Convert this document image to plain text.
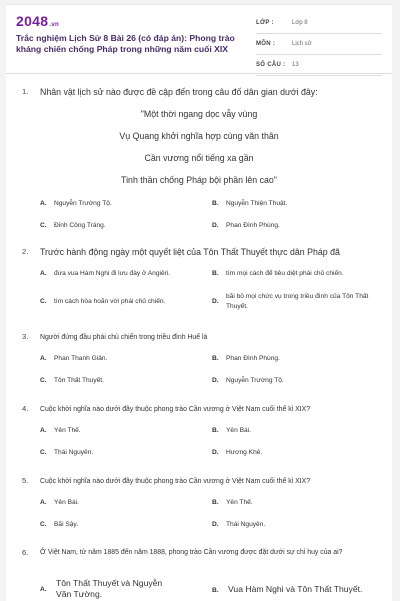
2048.vn
Trắc nghiệm Lịch Sử 8 Bài 26 (có đáp án): Phong trào kháng chiến chống Pháp trong những năm cuối XIX
LỚP :	Lớp 8
MÔN :	Lịch sử
SỐ CÂU : 13
1. Nhân vật lịch sử nào được đề cập đến trong câu đố dân gian dưới đây:
"Một thời ngang dọc vẫy vùng
Vụ Quang khởi nghĩa hợp cùng văn thân
Cần vương nổi tiếng xa gần
Tinh thần chống Pháp bội phần lên cao"
A. Nguyễn Trường Tộ.	B. Nguyễn Thiện Thuật.
C. Đinh Công Tráng.	D. Phan Đình Phùng.
2. Trước hành động ngày một quyết liệt của Tôn Thất Thuyết thực dân Pháp đã
A. đưa vua Hàm Nghi đi lưu đày ở Angiêri.	B. tìm mọi cách để tiêu diệt phái chủ chiến.
C. tìm cách hòa hoãn với phái chủ chiến.	D.
bãi bỏ mọi chức vụ trong triều đình của Tôn Thất Thuyết.
3. Người đứng đầu phái chủ chiến trong triều đình Huế là
A. Phan Thanh Giản.	B. Phan Đình Phùng.
C. Tôn Thất Thuyết.	D. Nguyễn Trường Tộ.
4. Cuộc khởi nghĩa nào dưới đây thuộc phong trào Cần vương ở Việt Nam cuối thế kỉ XIX?
A. Yên Thế.	B. Yên Bái.
C. Thái Nguyên.	D. Hương Khê.
5. Cuộc khởi nghĩa nào dưới đây thuộc phong trào Cần vương ở Việt Nam cuối thế kỉ XIX?
A. Yên Bái.	B. Yên Thế.
C. Bãi Sậy.	D. Thái Nguyên.
6. Ở Việt Nam, từ năm 1885 đến năm 1888, phong trào Cần vương được đặt dưới sự chỉ huy của ai?
A.
Tôn Thất Thuyết và Nguyễn Văn Tường.	B. Vua Hàm Nghi và Tôn Thất Thuyết.
